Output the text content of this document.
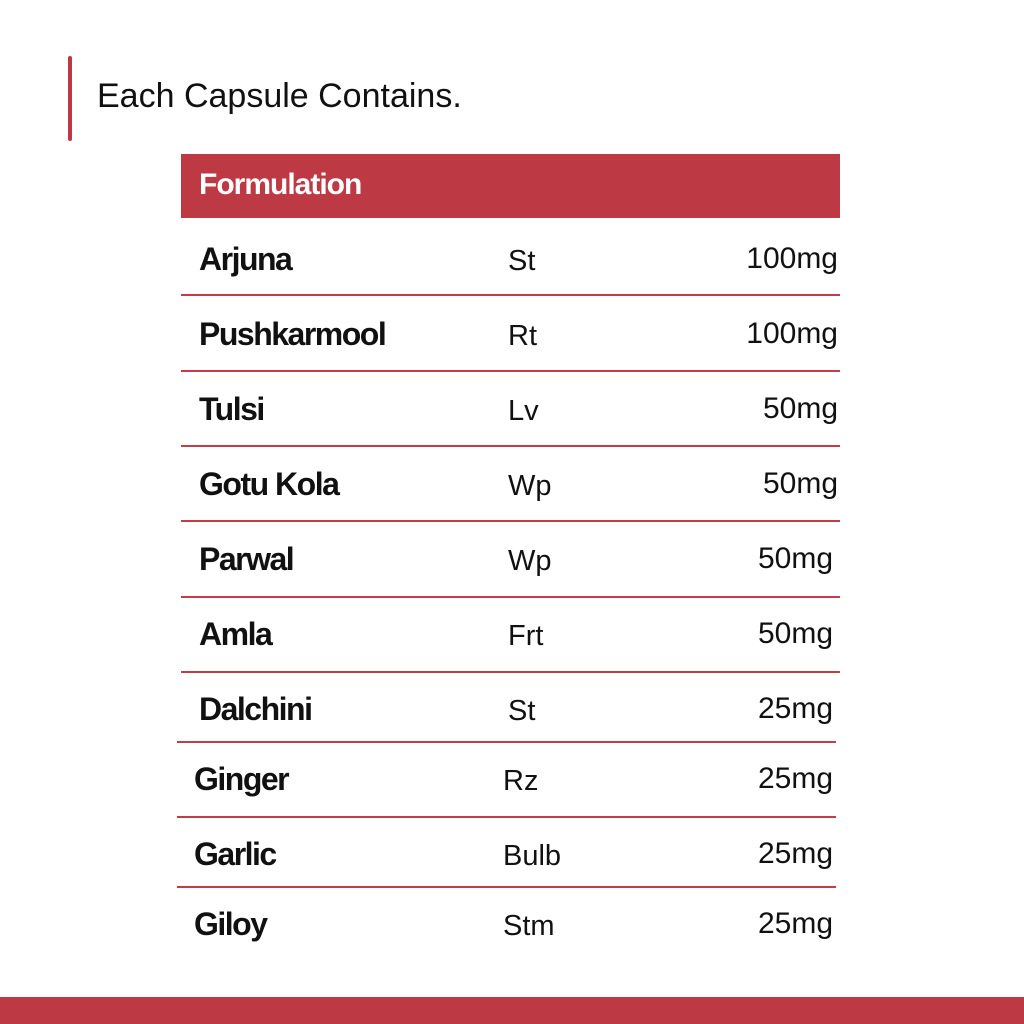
Each Capsule Contains.
Formulation
Arjuna	St	100mg
Pushkarmool	Rt	100mg
Tulsi	Lv	50mg
Gotu Kola	Wp	50mg
Parwal	Wp	50mg
Amla	Frt	50mg
Dalchini	St	25mg
Ginger	Rz	25mg
Garlic	Bulb	25mg
Giloy	Stm	25mg
